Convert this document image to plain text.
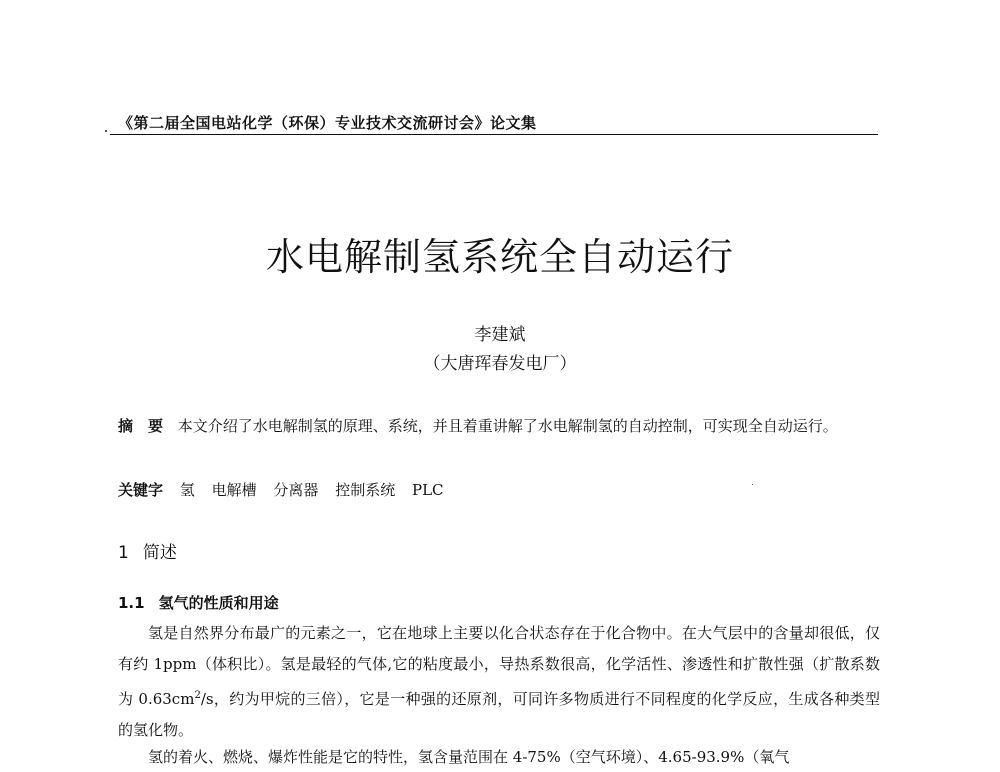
《第二届全国电站化学（环保）专业技术交流研讨会》论文集
水电解制氢系统全自动运行
李建斌
（大唐珲春发电厂）
摘　要 本文介绍了水电解制氢的原理、系统，并且着重讲解了水电解制氢的自动控制，可实现全自动运行。
关键字 氢 电解槽 分离器 控制系统 PLC
1 简述
1.1 氢气的性质和用途
氢是自然界分布最广的元素之一，它在地球上主要以化合状态存在于化合物中。在大气层中的含量却很低，仅有约 1ppm（体积比）。氢是最轻的气体,它的粘度最小，导热系数很高，化学活性、渗透性和扩散性强（扩散系数为 $0.63cm^2/s$，约为甲烷的三倍），它是一种强的还原剂，可同许多物质进行不同程度的化学反应，生成各种类型的氢化物。
氢的着火、燃烧、爆炸性能是它的特性，氢含量范围在 4-75%（空气环境）、4.65-93.9%（氧气
